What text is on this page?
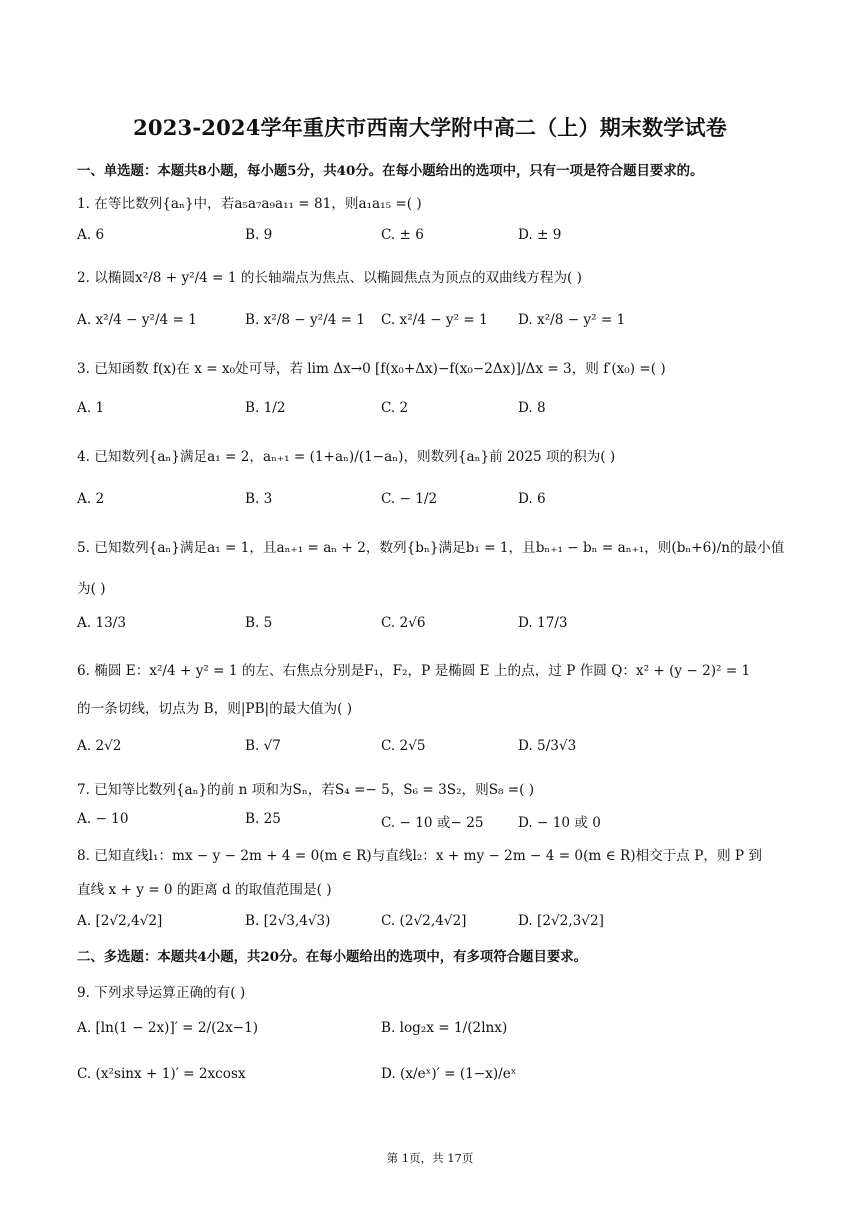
2023-2024学年重庆市西南大学附中高二（上）期末数学试卷
一、单选题：本题共8小题，每小题5分，共40分。在每小题给出的选项中，只有一项是符合题目要求的。
1. 在等比数列{aₙ}中，若a₅a₇a₉a₁₁ = 81，则a₁a₁₅ =( )
A. 6	B. 9	C. ± 6	D. ± 9
2. 以椭圆x²/8 + y²/4 = 1 的长轴端点为焦点、以椭圆焦点为顶点的双曲线方程为( )
A. x²/4 − y²/4 = 1	B. x²/8 − y²/4 = 1 C. x²/4 − y² = 1 D. x²/8 − y² = 1
3. 已知函数 f(x)在 x = x₀处可导，若 lim Δx→0 [f(x₀+Δx)−f(x₀−2Δx)]/Δx = 3，则 f′(x₀) =( )
A. 1	B. 1/2	C. 2	D. 8
4. 已知数列{aₙ}满足a₁ = 2，aₙ₊₁ = (1+aₙ)/(1−aₙ)，则数列{aₙ}前 2025 项的积为( )
A. 2	B. 3	C. − 1/2	D. 6
5. 已知数列{aₙ}满足a₁ = 1，且aₙ₊₁ = aₙ + 2，数列{bₙ}满足b₁ = 1，且bₙ₊₁ − bₙ = aₙ₊₁，则(bₙ+6)/n的最小值
为( )
A. 13/3	B. 5	C. 2√6	D. 17/3
6. 椭圆 E：x²/4 + y² = 1 的左、右焦点分别是F₁，F₂，P 是椭圆 E 上的点，过 P 作圆 Q：x² + (y − 2)² = 1
的一条切线，切点为 B，则|PB|的最大值为( )
A. 2√2	B. √7	C. 2√5	D. 5/3√3
7. 已知等比数列{aₙ}的前 n 项和为Sₙ，若S₄ =− 5，S₆ = 3S₂，则S₈ =( )
A. − 10	B. 25	C. − 10 或− 25	D. − 10 或 0
8. 已知直线l₁：mx − y − 2m + 4 = 0(m ∈ R)与直线l₂：x + my − 2m − 4 = 0(m ∈ R)相交于点 P，则 P 到
直线 x + y = 0 的距离 d 的取值范围是( )
A. [2√2,4√2]	B. [2√3,4√3)	C. (2√2,4√2]	D. [2√2,3√2]
二、多选题：本题共4小题，共20分。在每小题给出的选项中，有多项符合题目要求。
9. 下列求导运算正确的有( )
A. [ln(1 − 2x)]′ = 2/(2x−1)	B. log₂x = 1/(2lnx)
C. (x²sinx + 1)′ = 2xcosx	D. (x/eˣ)′ = (1−x)/eˣ
第 1页，共 17页
